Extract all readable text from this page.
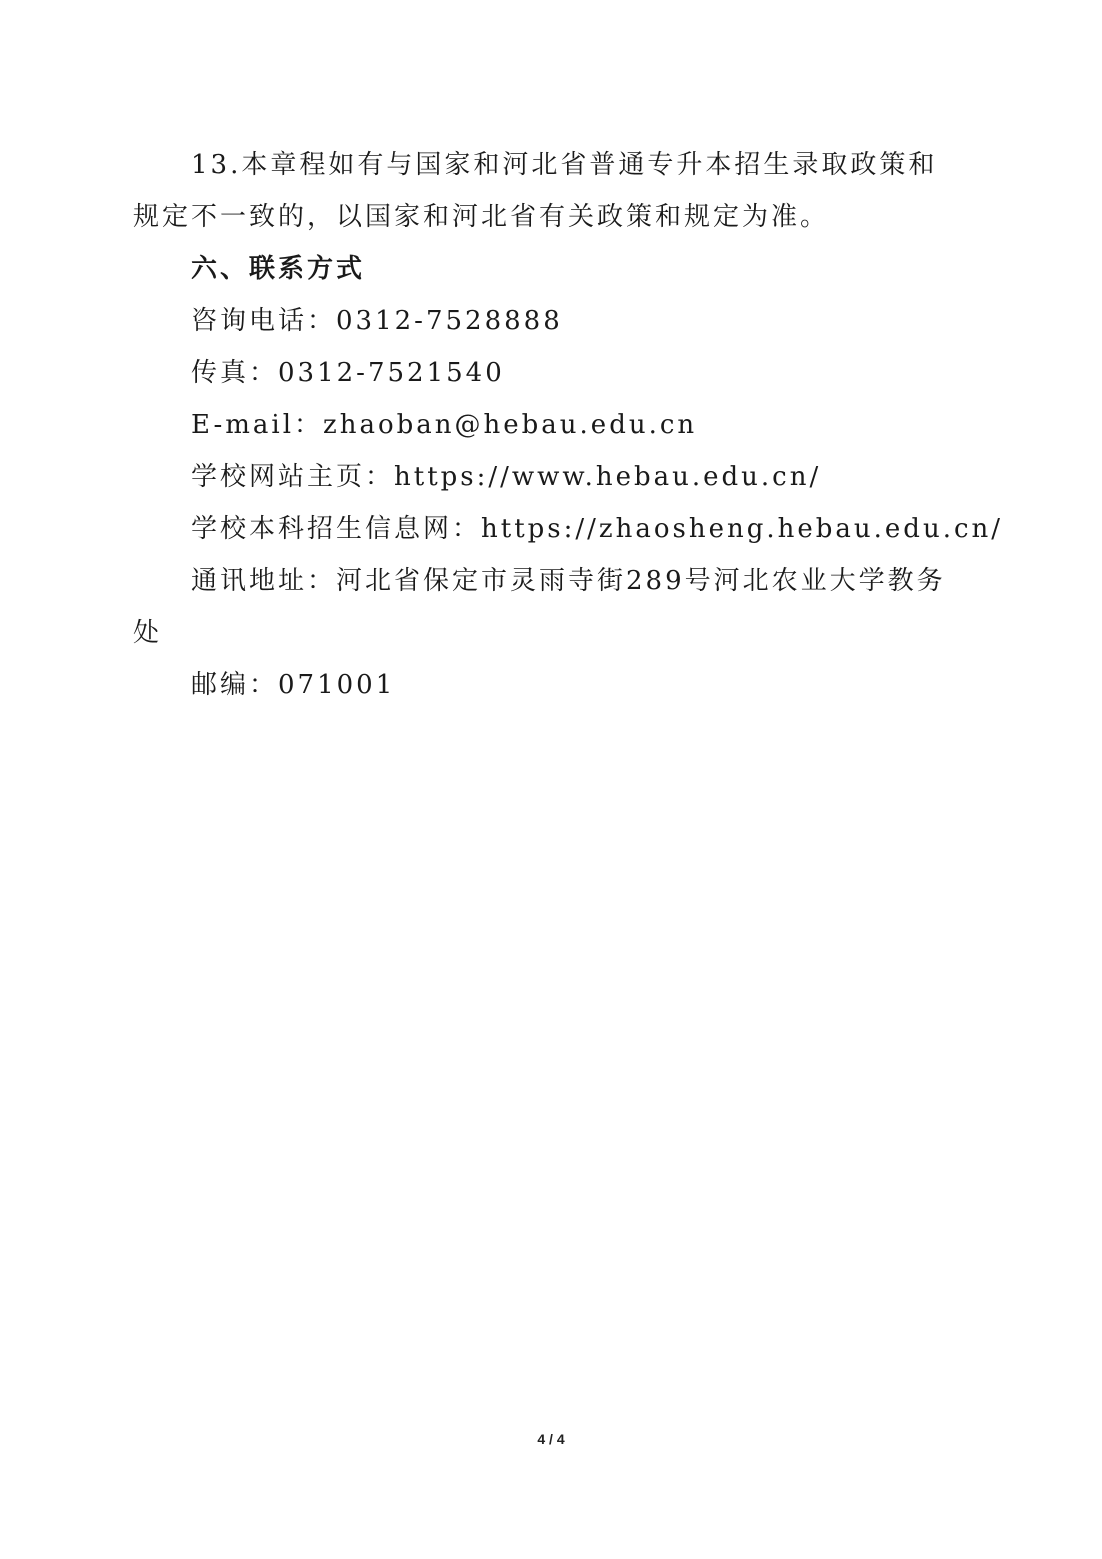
13.本章程如有与国家和河北省普通专升本招生录取政策和
规定不一致的，以国家和河北省有关政策和规定为准。
六、联系方式
咨询电话：0312-7528888
传真：0312-7521540
E-mail：zhaoban@hebau.edu.cn
学校网站主页：https://www.hebau.edu.cn/
学校本科招生信息网：https://zhaosheng.hebau.edu.cn/
通讯地址：河北省保定市灵雨寺街289号河北农业大学教务
处
邮编：071001
4 / 4
